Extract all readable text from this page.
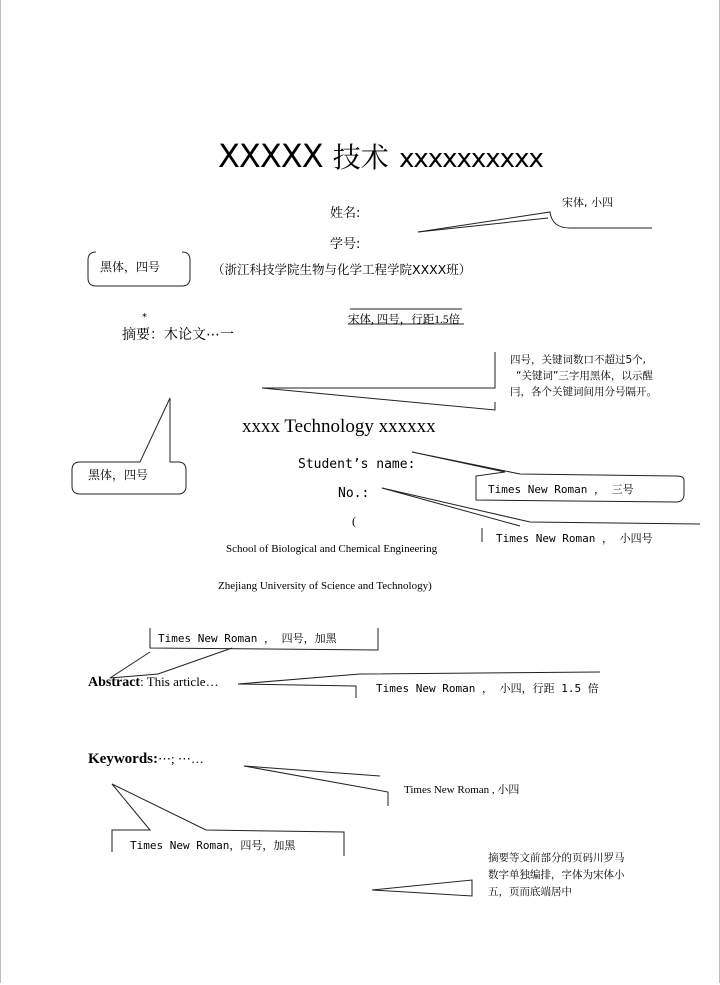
XXXXX 技术 xxxxxxxxxx
姓名:
学号:
（浙江科技学院生物与化学工程学院XXXX班）
*
摘要：木论文⋯一
xxxx Technology xxxxxx
Student’s name:
No.:
(
School of Biological and Chemical Engineering
Zhejiang University of Science and Technology)
Abstract: This article…
Keywords:⋯; ⋯…
宋体, 小四
黑体，四号
宋体, 四号，行距1.5倍
四号，关键词数口不超过5个,
“关键词”三字用黑体，以示醒
冃，各个关键词间用分号隔开。
黑体，四号
Times New Roman ， 三号
Times New Roman ， 小四号
Times New Roman ， 四号，加黑
Times New Roman ， 小四，行距 1.5 倍
Times New Roman , 小四
Times New Roman，四号，加黑
摘要等文前部分的页码川罗马
数字单独编排，字体为宋体小
五，页而底端居中
